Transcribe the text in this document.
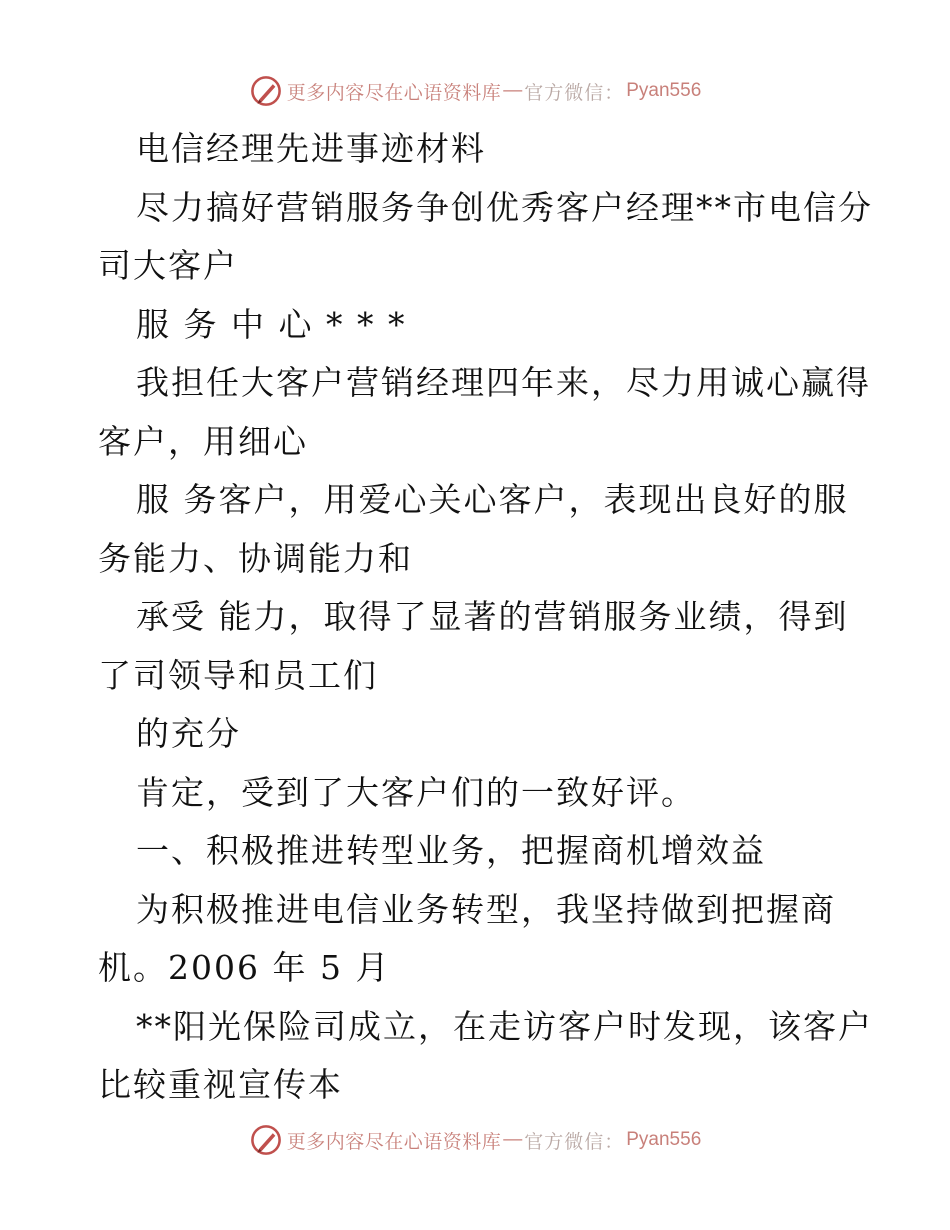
更多内容尽在心语资料库 — 官方微信： Pyan556
电信经理先进事迹材料
尽力搞好营销服务争创优秀客户经理**市电信分
司大客户
服 务 中 心 * * *
我担任大客户营销经理四年来，尽力用诚心赢得
客户，用细心
服 务客户，用爱心关心客户，表现出良好的服
务能力、协调能力和
承受 能力，取得了显著的营销服务业绩，得到
了司领导和员工们
的充分
肯定，受到了大客户们的一致好评。
一、积极推进转型业务，把握商机增效益
为积极推进电信业务转型，我坚持做到把握商
机。2006 年 5 月
**阳光保险司成立，在走访客户时发现，该客户
比较重视宣传本
更多内容尽在心语资料库 — 官方微信： Pyan556
